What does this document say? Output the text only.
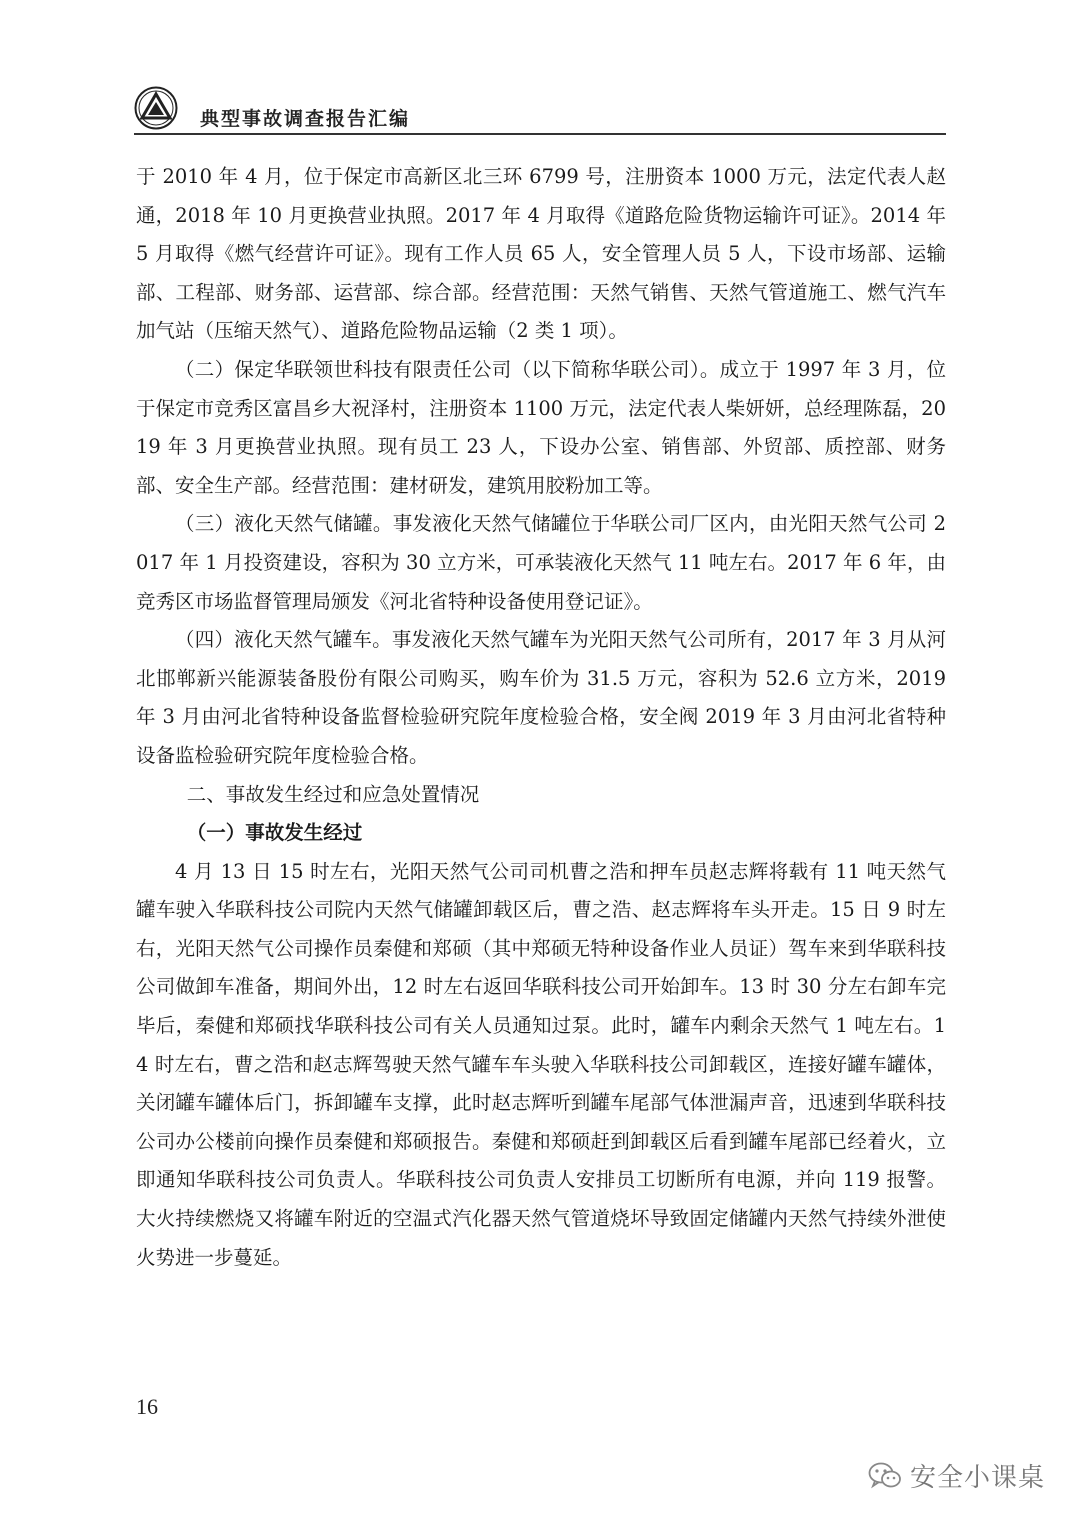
典型事故调查报告汇编

于 2010 年 4 月，位于保定市高新区北三环 6799 号，注册资本 1000 万元，法定代表人赵通，2018 年 10 月更换营业执照。2017 年 4 月取得《道路危险货物运输许可证》。2014 年 5 月取得《燃气经营许可证》。现有工作人员 65 人，安全管理人员 5 人，下设市场部、运输部、工程部、财务部、运营部、综合部。经营范围：天然气销售、天然气管道施工、燃气汽车加气站（压缩天然气）、道路危险物品运输（2 类 1 项）。

（二）保定华联领世科技有限责任公司（以下简称华联公司）。成立于 1997 年 3 月，位于保定市竞秀区富昌乡大祝泽村，注册资本 1100 万元，法定代表人柴妍妍，总经理陈磊，2019 年 3 月更换营业执照。现有员工 23 人，下设办公室、销售部、外贸部、质控部、财务部、安全生产部。经营范围：建材研发，建筑用胶粉加工等。

（三）液化天然气储罐。事发液化天然气储罐位于华联公司厂区内，由光阳天然气公司 2017 年 1 月投资建设，容积为 30 立方米，可承装液化天然气 11 吨左右。2017 年 6 年，由竞秀区市场监督管理局颁发《河北省特种设备使用登记证》。

（四）液化天然气罐车。事发液化天然气罐车为光阳天然气公司所有，2017 年 3 月从河北邯郸新兴能源装备股份有限公司购买，购车价为 31.5 万元，容积为 52.6 立方米，2019 年 3 月由河北省特种设备监督检验研究院年度检验合格，安全阀 2019 年 3 月由河北省特种设备监检验研究院年度检验合格。

二、事故发生经过和应急处置情况

（一）事故发生经过

4 月 13 日 15 时左右，光阳天然气公司司机曹之浩和押车员赵志辉将载有 11 吨天然气罐车驶入华联科技公司院内天然气储罐卸载区后，曹之浩、赵志辉将车头开走。15 日 9 时左右，光阳天然气公司操作员秦健和郑硕（其中郑硕无特种设备作业人员证）驾车来到华联科技公司做卸车准备，期间外出，12 时左右返回华联科技公司开始卸车。13 时 30 分左右卸车完毕后，秦健和郑硕找华联科技公司有关人员通知过泵。此时，罐车内剩余天然气 1 吨左右。14 时左右，曹之浩和赵志辉驾驶天然气罐车车头驶入华联科技公司卸载区，连接好罐车罐体，关闭罐车罐体后门，拆卸罐车支撑，此时赵志辉听到罐车尾部气体泄漏声音，迅速到华联科技公司办公楼前向操作员秦健和郑硕报告。秦健和郑硕赶到卸载区后看到罐车尾部已经着火，立即通知华联科技公司负责人。华联科技公司负责人安排员工切断所有电源，并向 119 报警。大火持续燃烧又将罐车附近的空温式汽化器天然气管道烧坏导致固定储罐内天然气持续外泄使火势进一步蔓延。

16
安全小课桌
